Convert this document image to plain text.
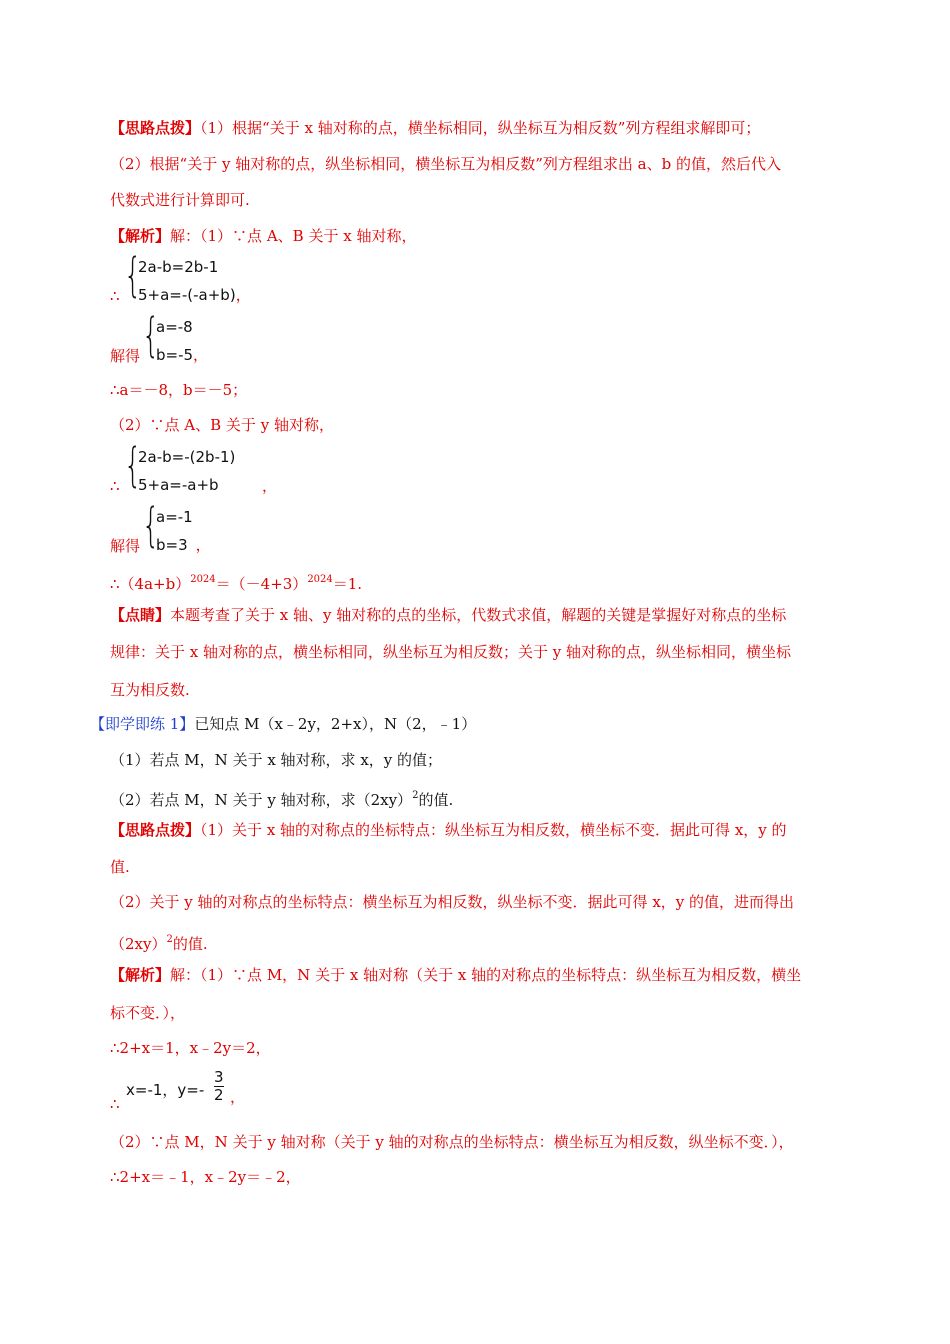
【思路点拨】（1）根据“关于 x 轴对称的点，横坐标相同，纵坐标互为相反数”列方程组求解即可；
（2）根据“关于 y 轴对称的点，纵坐标相同，横坐标互为相反数”列方程组求出 a、b 的值，然后代入
代数式进行计算即可.
【解析】解：（1）∵点 A、B 关于 x 轴对称，
∴ {
2a-b=2b-1
5+a=-(-a+b)，
解得 {
a=-8
b=-5，
∴a＝－8，b＝－5；
（2）∵点 A、B 关于 y 轴对称，
∴ {
2a-b=-(2b-1)
5+a=-a+b	，
解得 {
a=-1
b=3 ，
$\therefore(4a+b)^{2024}=(-4+3)^{2024}=1$.
【点睛】本题考查了关于 x 轴、y 轴对称的点的坐标，代数式求值，解题的关键是掌握好对称点的坐标
规律：关于 x 轴对称的点，横坐标相同，纵坐标互为相反数；关于 y 轴对称的点，纵坐标相同，横坐标
互为相反数.
【即学即练 1】已知点 M（x﹣2y，2+x），N（2，﹣1）
（1）若点 M，N 关于 x 轴对称，求 x，y 的值；
（2）若点 M，N 关于 y 轴对称，求$(2xy)^2$的值.
【思路点拨】（1）关于 x 轴的对称点的坐标特点：纵坐标互为相反数，横坐标不变．据此可得 x，y 的
值.
（2）关于 y 轴的对称点的坐标特点：横坐标互为相反数，纵坐标不变．据此可得 x，y 的值，进而得出
$(2xy)^2$的值.
【解析】解：（1）∵点 M，N 关于 x 轴对称（关于 x 轴的对称点的坐标特点：纵坐标互为相反数，横坐
标不变．），
∴2+x＝1，x﹣2y＝2，
∴
x=-1，$y=- \frac{3}{2}$ ，
（2）∵点 M，N 关于 y 轴对称（关于 y 轴的对称点的坐标特点：横坐标互为相反数，纵坐标不变．），
∴2+x＝﹣1，x﹣2y＝﹣2，
